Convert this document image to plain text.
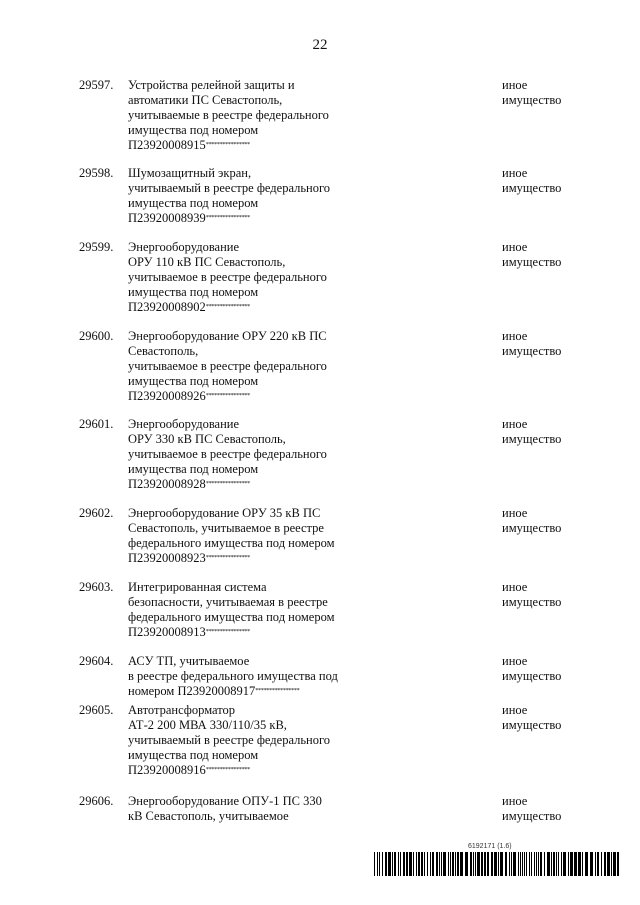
22
29597. Устройства релейной защиты и
автоматики ПС Севастополь,
учитываемые в реестре федерального
имущества под номером
П23920008915****************
иное
имущество
29598. Шумозащитный экран,
учитываемый в реестре федерального
имущества под номером
П23920008939****************
иное
имущество
29599. Энергооборудование
ОРУ 110 кВ ПС Севастополь,
учитываемое в реестре федерального
имущества под номером
П23920008902****************
иное
имущество
29600. Энергооборудование ОРУ 220 кВ ПС
Севастополь,
учитываемое в реестре федерального
имущества под номером
П23920008926****************
иное
имущество
29601. Энергооборудование
ОРУ 330 кВ ПС Севастополь,
учитываемое в реестре федерального
имущества под номером
П23920008928****************
иное
имущество
29602. Энергооборудование ОРУ 35 кВ ПС
Севастополь, учитываемое в реестре
федерального имущества под номером
П23920008923****************
иное
имущество
29603. Интегрированная система
безопасности, учитываемая в реестре
федерального имущества под номером
П23920008913****************
иное
имущество
29604. АСУ ТП, учитываемое
в реестре федерального имущества под
номером П23920008917****************
иное
имущество
29605. Автотрансформатор
АТ-2 200 МВА 330/110/35 кВ,
учитываемый в реестре федерального
имущества под номером
П23920008916****************
иное
имущество
29606. Энергооборудование ОПУ-1 ПС 330
кВ Севастополь, учитываемое
иное
имущество
6192171 (1.6)
